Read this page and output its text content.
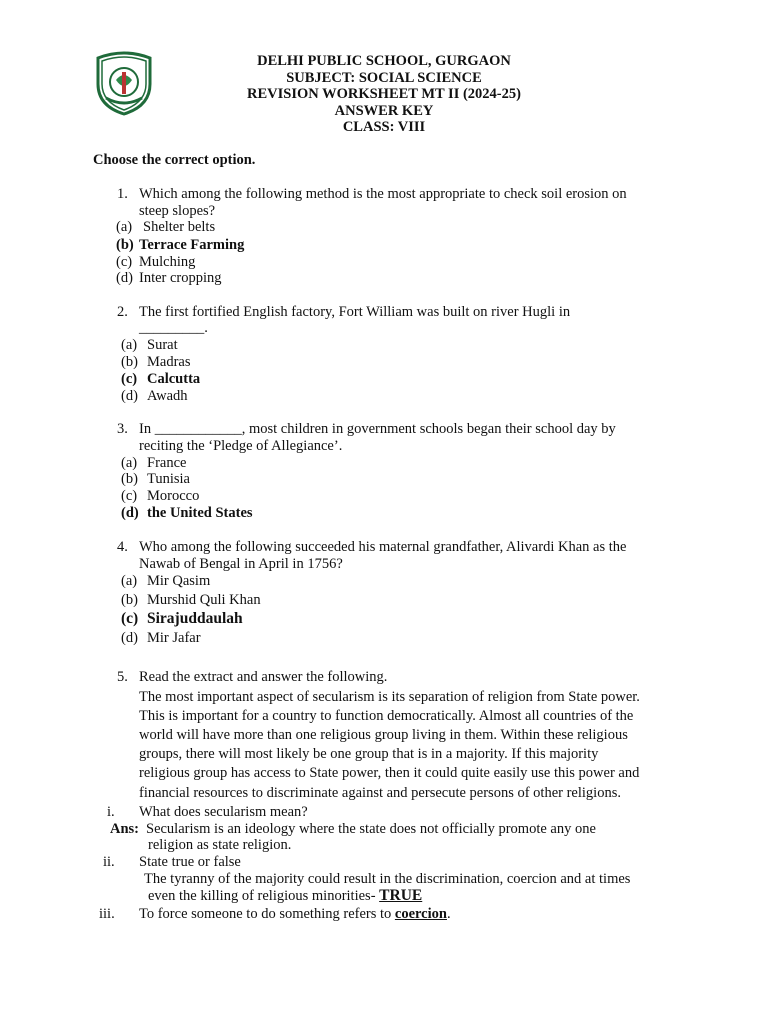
DELHI PUBLIC SCHOOL, GURGAON
SUBJECT: SOCIAL SCIENCE
REVISION WORKSHEET MT II (2024-25)
ANSWER KEY
CLASS: VIII
Choose the correct option.
1. Which among the following method is the most appropriate to check soil erosion on
steep slopes?
(a) Shelter belts
(b) Terrace Farming
(c) Mulching
(d) Inter cropping
2. The first fortified English factory, Fort William was built on river Hugli in
_________.
(a) Surat
(b) Madras
(c) Calcutta
(d) Awadh
3. In ____________, most children in government schools began their school day by
reciting the ‘Pledge of Allegiance’.
(a) France
(b) Tunisia
(c) Morocco
(d) the United States
4. Who among the following succeeded his maternal grandfather, Alivardi Khan as the
Nawab of Bengal in April in 1756?
(a) Mir Qasim
(b) Murshid Quli Khan
(c) Sirajuddaulah
(d) Mir Jafar
5. Read the extract and answer the following.
The most important aspect of secularism is its separation of religion from State power.
This is important for a country to function democratically. Almost all countries of the
world will have more than one religious group living in them. Within these religious
groups, there will most likely be one group that is in a majority. If this majority
religious group has access to State power, then it could quite easily use this power and
financial resources to discriminate against and persecute persons of other religions.
i. What does secularism mean?
Ans: Secularism is an ideology where the state does not officially promote any one
religion as state religion.
ii. State true or false
The tyranny of the majority could result in the discrimination, coercion and at times
even the killing of religious minorities- TRUE
iii. To force someone to do something refers to coercion.
